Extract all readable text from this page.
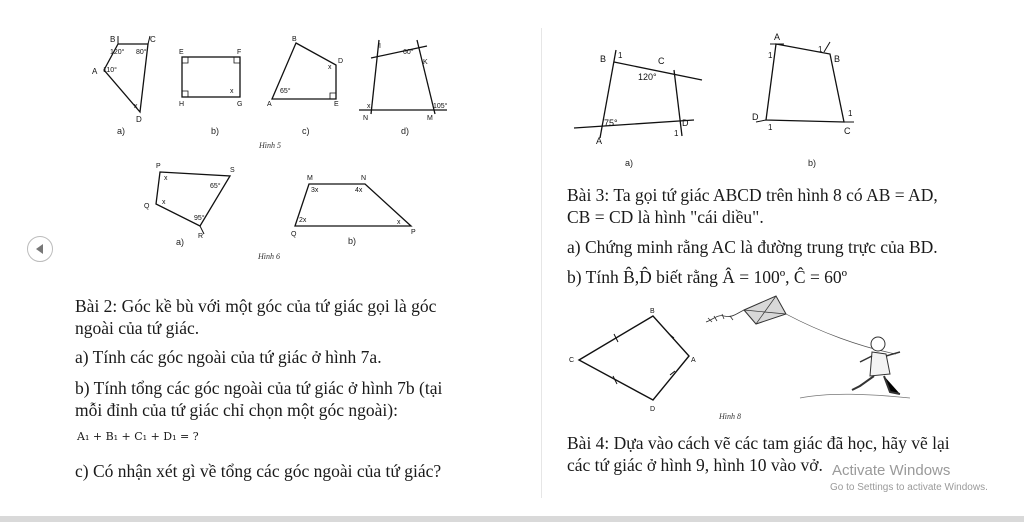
B	C
A
D
120° 80°
110°
x
E	F
H	G
x
B
D
A	E
65°
x
I
K
N	M
60°
105°
x
a)	b)	c)	d)
Hình 5
P
S
Q
R
65°
95°
x
x
M	N
Q	P
3x	4x
2x	x
a)	b)
Hình 6
B	C
A
D
120°
75°
1
1
A
B
D
C
1
1
1
1
a)	b)
Bài 3: Ta gọi tứ giác ABCD trên hình 8 có AB = AD,
CB = CD là hình "cái diều".
a) Chứng minh rằng AC là đường trung trực của BD.
b) Tính B̂,D̂ biết rằng Â = 100º, Ĉ = 60º
B
C	A
D
Hình 8
Bài 4: Dựa vào cách vẽ các tam giác đã học, hãy vẽ lại
các tứ giác ở hình 9, hình 10 vào vở.
Bài 2: Góc kề bù với một góc của tứ giác gọi là góc
ngoài của tứ giác.
a) Tính các góc ngoài của tứ giác ở hình 7a.
b) Tính tổng các góc ngoài của tứ giác ở hình 7b (tại
mỗi đỉnh của tứ giác chỉ chọn một góc ngoài):
A₁ + B₁ + C₁ + D₁ = ?
c) Có nhận xét gì về tổng các góc ngoài của tứ giác?	Activate Windows
Go to Settings to activate Windows.
